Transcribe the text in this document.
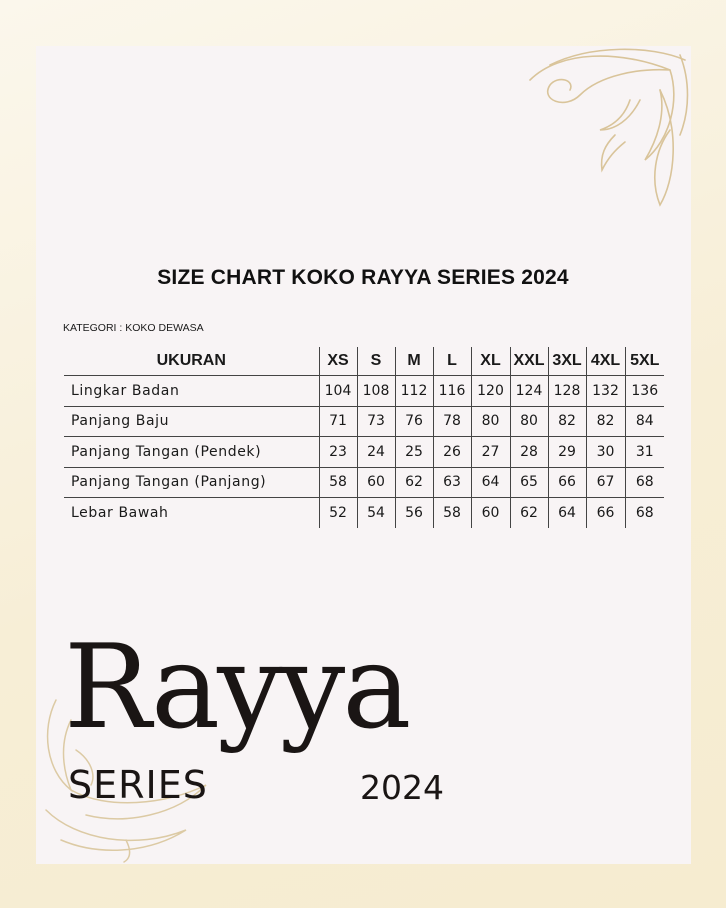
SIZE CHART KOKO RAYYA SERIES 2024
KATEGORI : KOKO DEWASA
UKURAN	XS	S	M	L	XL	XXL	3XL	4XL	5XL
Lingkar Badan	104	108	112	116	120	124	128	132	136
Panjang Baju	71	73	76	78	80	80	82	82	84
Panjang Tangan (Pendek)	23	24	25	26	27	28	29	30	31
Panjang Tangan (Panjang)	58	60	62	63	64	65	66	67	68
Lebar Bawah	52	54	56	58	60	62	64	66	68
Rayya
SERIES	2024
